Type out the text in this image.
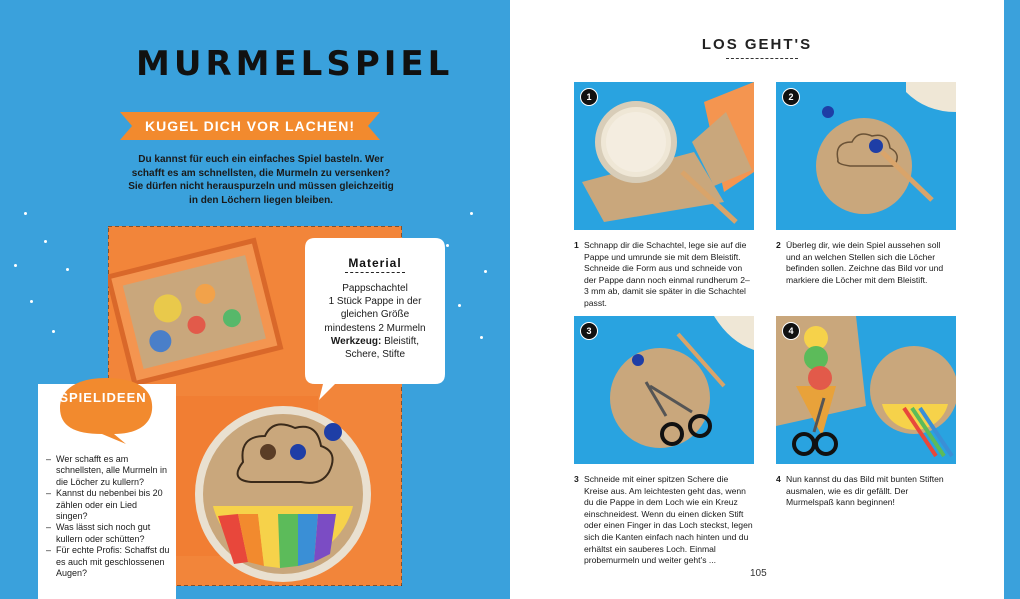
MURMELSPIEL
KUGEL DICH VOR LACHEN!
Du kannst für euch ein einfaches Spiel basteln. Wer schafft es am schnellsten, die Murmeln zu versenken? Sie dürfen nicht herauspurzeln und müssen gleichzeitig in den Löchern liegen bleiben.
Material
Pappschachtel
1 Stück Pappe in der
gleichen Größe
mindestens 2 Murmeln
Werkzeug: Bleistift,
Schere, Stifte
SPIELIDEEN
– Wer schafft es am schnellsten, alle Murmeln in die Löcher zu kullern?
– Kannst du nebenbei bis 20 zählen oder ein Lied singen?
– Was lässt sich noch gut kullern oder schütten?
– Für echte Profis: Schaffst du es auch mit geschlossenen Augen?
LOS GEHT'S
1	2
3	4
1 Schnapp dir die Schachtel, lege sie auf die Pappe und umrunde sie mit dem Bleistift. Schneide die Form aus und schneide von der Pappe dann noch einmal rundherum 2–3 mm ab, damit sie später in die Schachtel passt.
2 Überleg dir, wie dein Spiel aussehen soll und an welchen Stellen sich die Löcher befinden sollen. Zeichne das Bild vor und markiere die Löcher mit dem Bleistift.
3 Schneide mit einer spitzen Schere die Kreise aus. Am leichtesten geht das, wenn du die Pappe in dem Loch wie ein Kreuz einschneidest. Wenn du einen dicken Stift oder einen Finger in das Loch steckst, legen sich die Kanten einfach nach hinten und du erhältst ein sauberes Loch. Einmal probemurmeln und weiter geht's ...
4 Nun kannst du das Bild mit bunten Stiften ausmalen, wie es dir gefällt. Der Murmelspaß kann beginnen!
105
